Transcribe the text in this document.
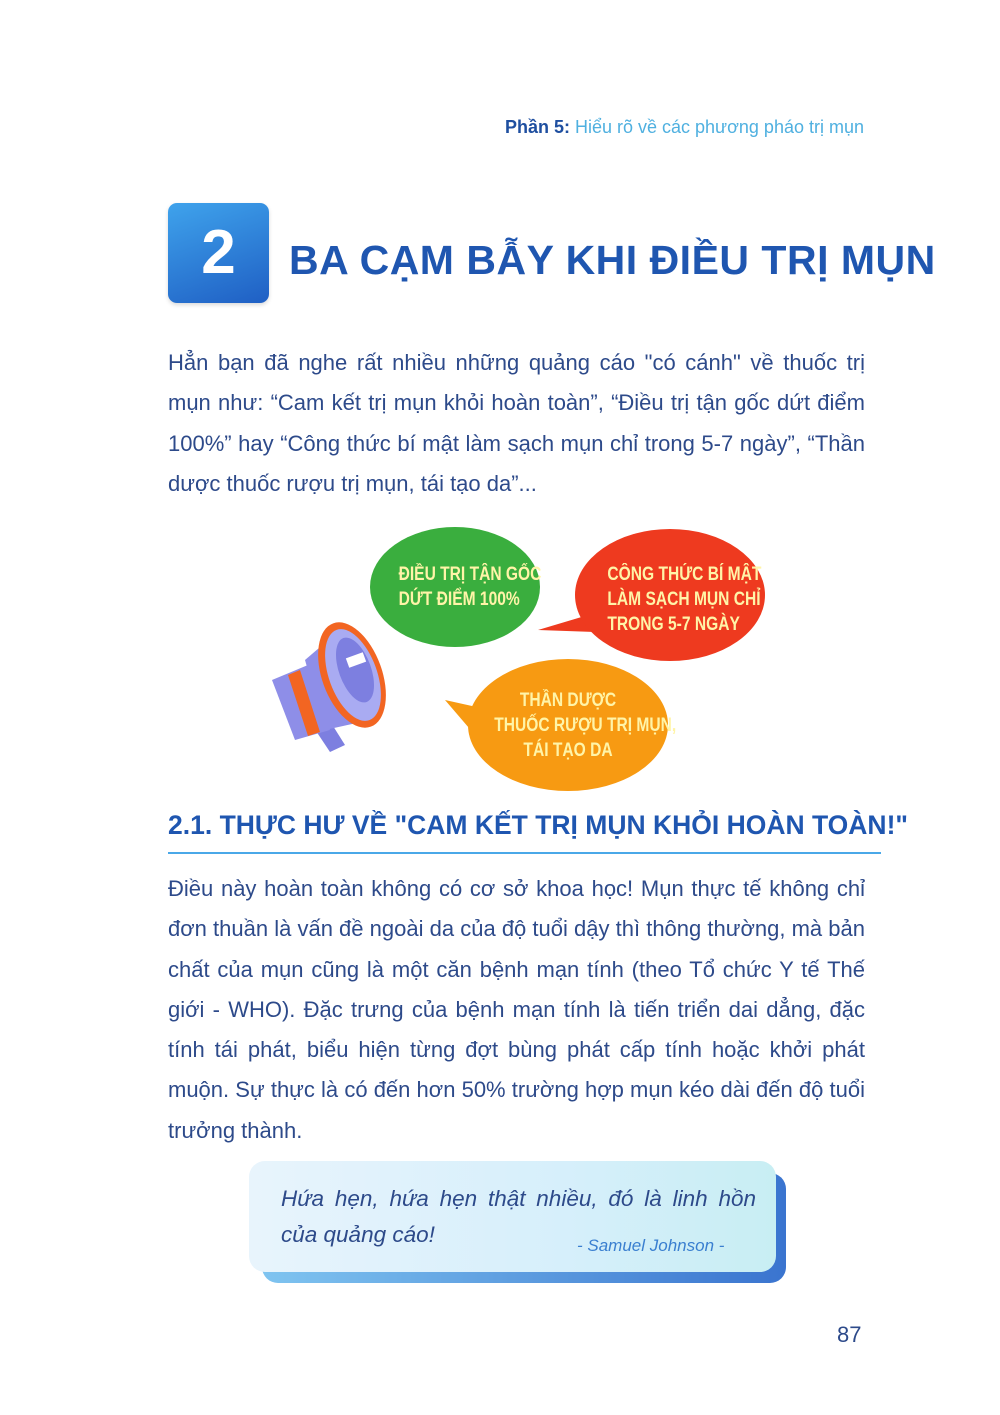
Phần 5: Hiểu rõ về các phương pháo trị mụn
2	BA CẠM BẪY KHI ĐIỀU TRỊ MỤN

Hẳn bạn đã nghe rất nhiều những quảng cáo "có cánh" về thuốc trị mụn như: “Cam kết trị mụn khỏi hoàn toàn”, “Điều trị tận gốc dứt điểm 100%” hay “Công thức bí mật làm sạch mụn chỉ trong 5-7 ngày”, “Thần dược thuốc rượu trị mụn, tái tạo da”...

ĐIỀU TRỊ TẬN GỐC
DỨT ĐIỂM 100%
CÔNG THỨC BÍ MẬT
LÀM SẠCH MỤN CHỈ
TRONG 5-7 NGÀY
THẦN DƯỢC
THUỐC RƯỢU TRỊ MỤN,
TÁI TẠO DA
2.1. THỰC HƯ VỀ "CAM KẾT TRỊ MỤN KHỎI HOÀN TOÀN!"

Điều này hoàn toàn không có cơ sở khoa học! Mụn thực tế không chỉ đơn thuần là vấn đề ngoài da của độ tuổi dậy thì thông thường, mà bản chất của mụn cũng là một căn bệnh mạn tính (theo Tổ chức Y tế Thế giới - WHO). Đặc trưng của bệnh mạn tính là tiến triển dai dẳng, đặc tính tái phát, biểu hiện từng đợt bùng phát cấp tính hoặc khởi phát muộn. Sự thực là có đến hơn 50% trường hợp mụn kéo dài đến độ tuổi trưởng thành.

Hứa hẹn, hứa hẹn thật nhiều, đó là linh hồn của quảng cáo!	- Samuel Johnson -
87
